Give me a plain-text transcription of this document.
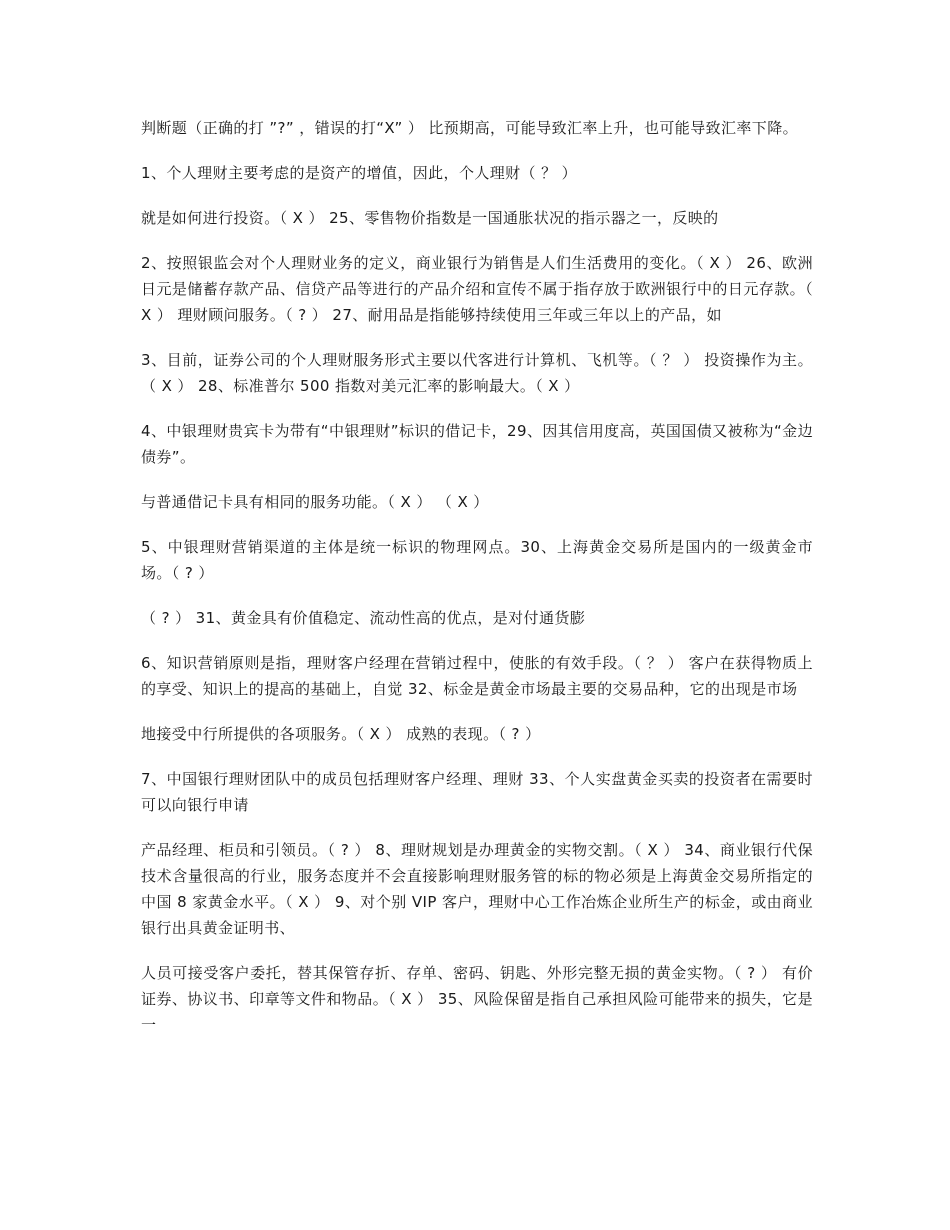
判断题（正确的打 ”?” ，错误的打“X” ） 比预期高，可能导致汇率上升，也可能导致汇率下降。

1、个人理财主要考虑的是资产的增值，因此，个人理财（ ？ ）

就是如何进行投资。（ X ） 25、零售物价指数是一国通胀状况的指示器之一，反映的

2、按照银监会对个人理财业务的定义，商业银行为销售是人们生活费用的变化。（ X ） 26、欧洲日元是储蓄存款产品、信贷产品等进行的产品介绍和宣传不属于指存放于欧洲银行中的日元存款。（ X ） 理财顾问服务。（ ? ） 27、耐用品是指能够持续使用三年或三年以上的产品，如

3、目前，证券公司的个人理财服务形式主要以代客进行计算机、飞机等。（ ？ ） 投资操作为主。（ X ） 28、标准普尔 500 指数对美元汇率的影响最大。（ X ）

4、中银理财贵宾卡为带有“中银理财”标识的借记卡，29、因其信用度高，英国国债又被称为“金边债券”。

与普通借记卡具有相同的服务功能。（ X ） （ X ）

5、中银理财营销渠道的主体是统一标识的物理网点。30、上海黄金交易所是国内的一级黄金市场。（ ? ）

（ ? ） 31、黄金具有价值稳定、流动性高的优点，是对付通货膨

6、知识营销原则是指，理财客户经理在营销过程中，使胀的有效手段。（ ？ ） 客户在获得物质上的享受、知识上的提高的基础上，自觉 32、标金是黄金市场最主要的交易品种，它的出现是市场

地接受中行所提供的各项服务。（ X ） 成熟的表现。（ ? ）

7、中国银行理财团队中的成员包括理财客户经理、理财 33、个人实盘黄金买卖的投资者在需要时可以向银行申请

产品经理、柜员和引领员。（ ? ） 8、理财规划是办理黄金的实物交割。（ X ） 34、商业银行代保技术含量很高的行业，服务态度并不会直接影响理财服务管的标的物必须是上海黄金交易所指定的中国 8 家黄金水平。（ X ） 9、对个别 VIP 客户，理财中心工作冶炼企业所生产的标金，或由商业银行出具黄金证明书、

人员可接受客户委托，替其保管存折、存单、密码、钥匙、外形完整无损的黄金实物。（ ? ） 有价证券、协议书、印章等文件和物品。（ X ） 35、风险保留是指自己承担风险可能带来的损失，它是一
